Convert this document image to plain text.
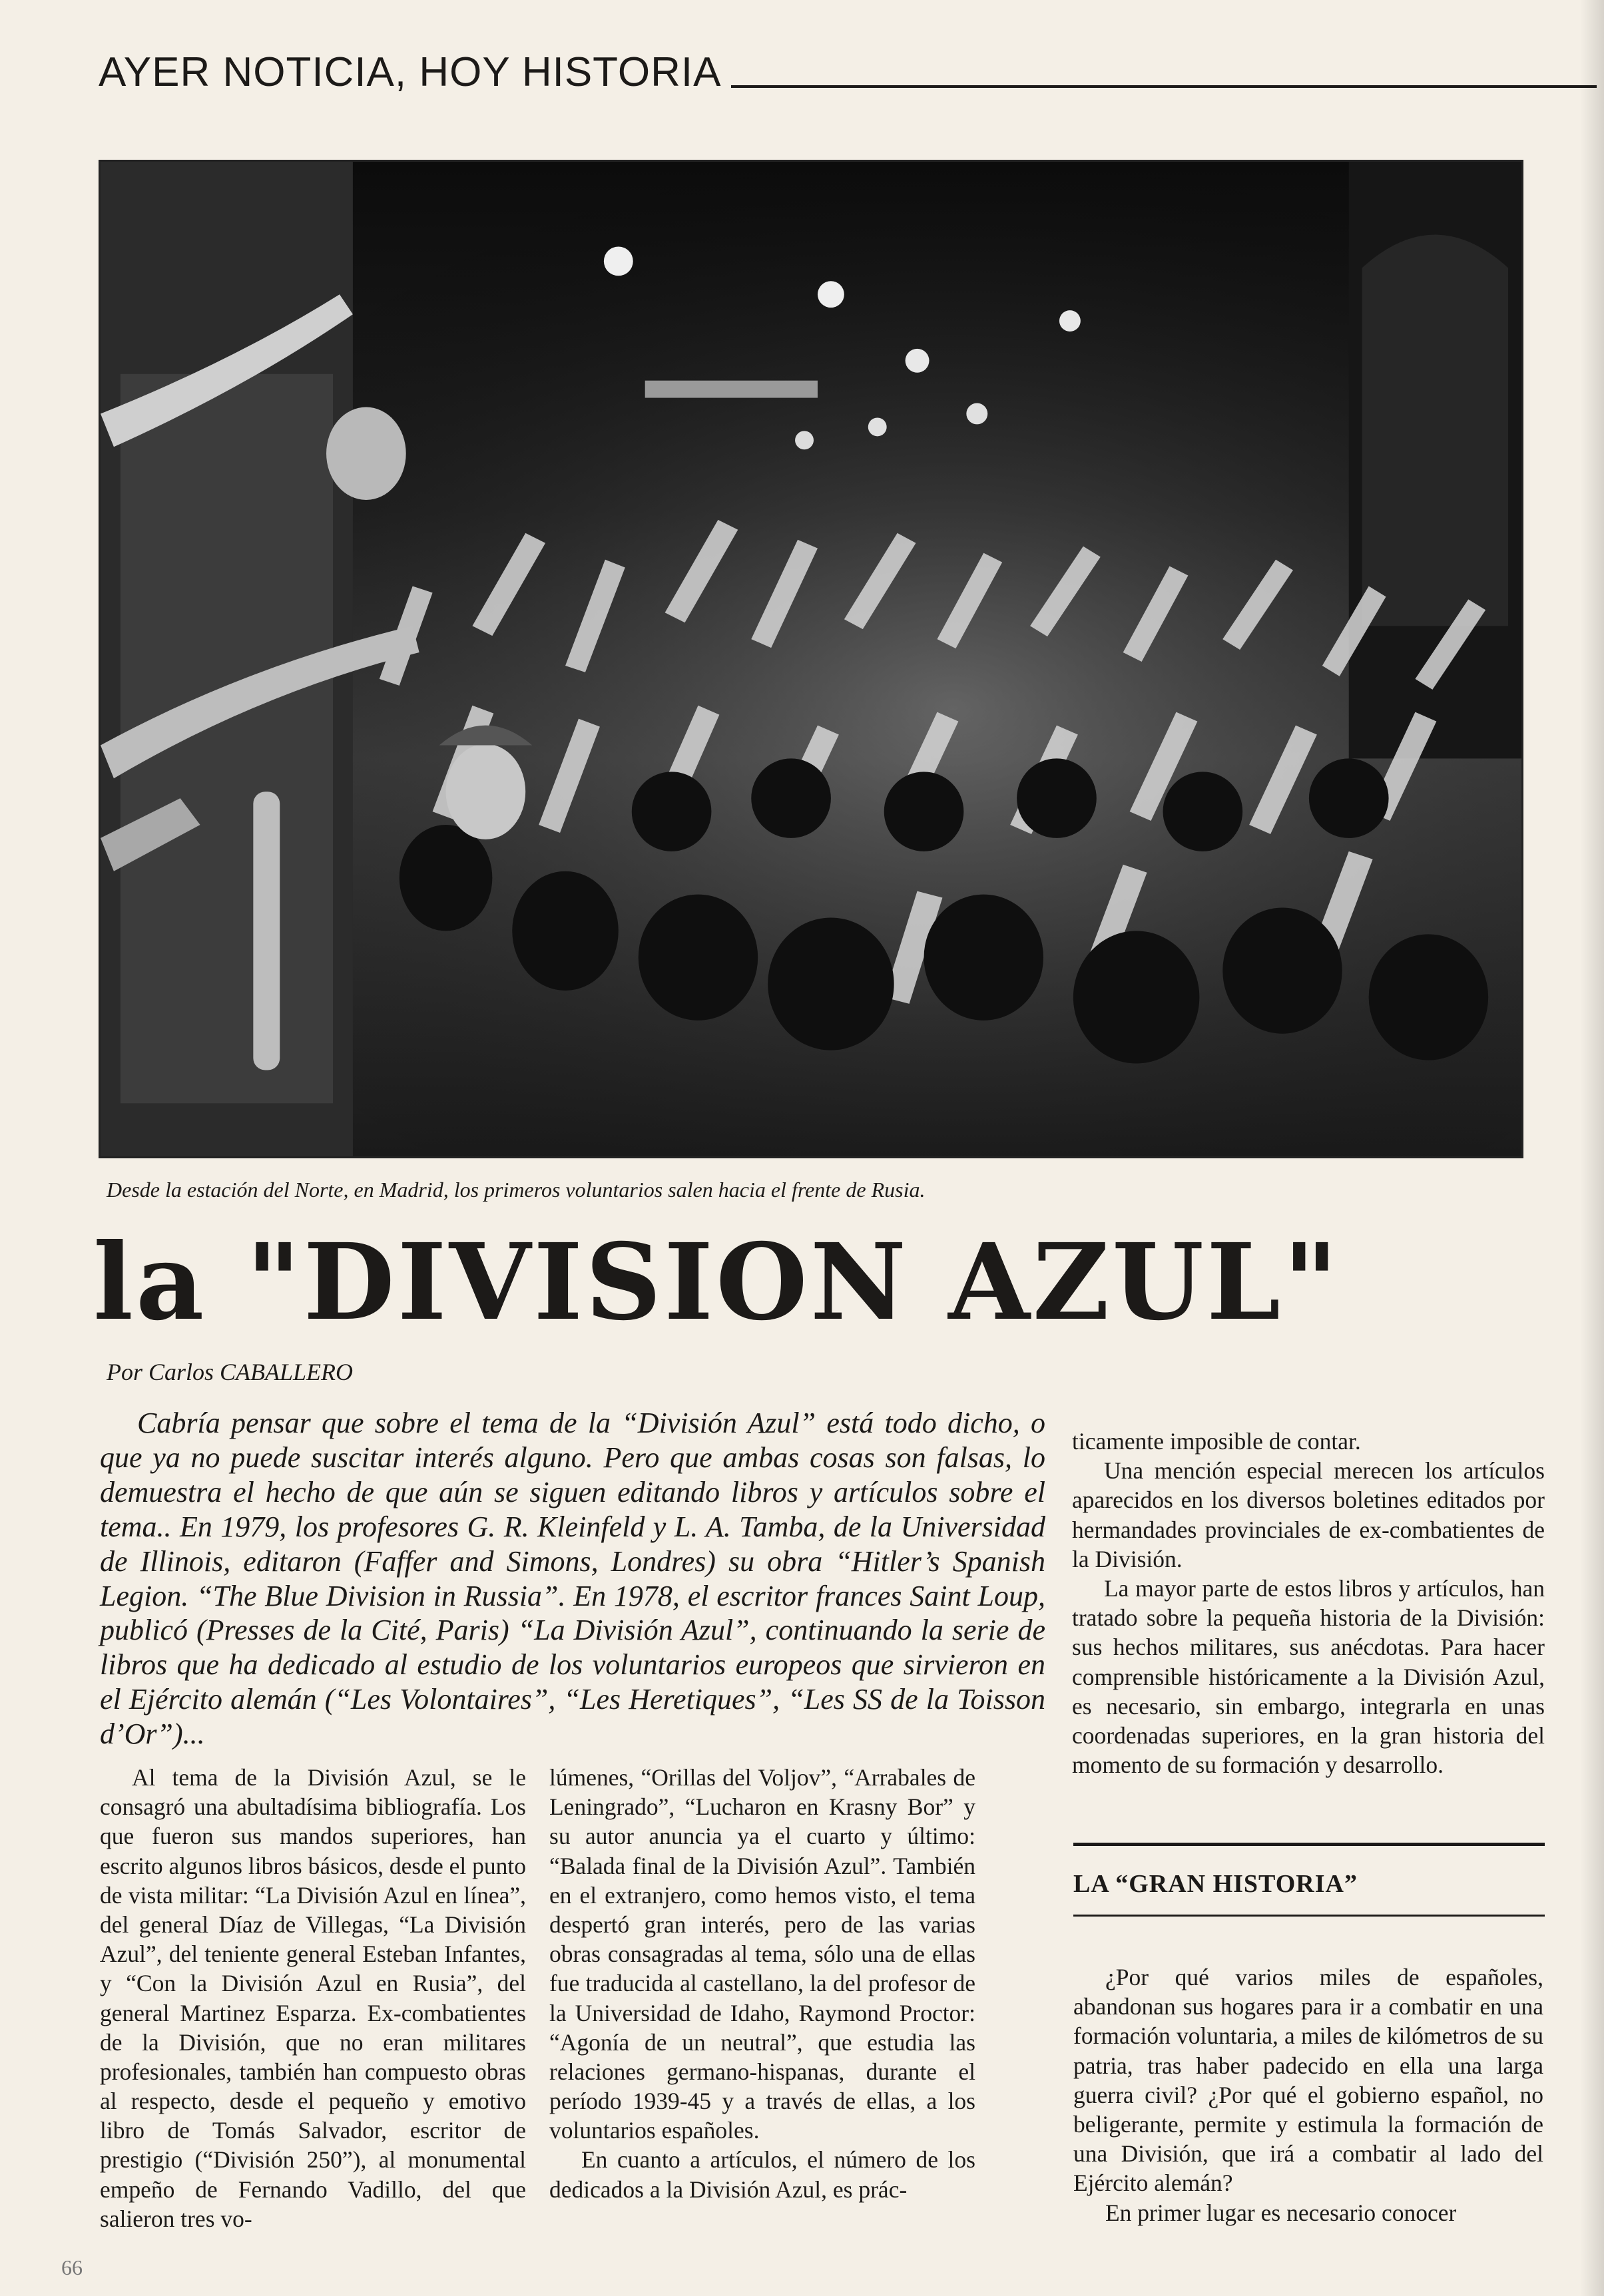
AYER NOTICIA, HOY HISTORIA
Desde la estación del Norte, en Madrid, los primeros voluntarios salen hacia el frente de Rusia.
la "DIVISION AZUL"
Por Carlos CABALLERO
Cabría pensar que sobre el tema de la “División Azul” está todo dicho, o que ya no puede suscitar interés alguno. Pero que ambas cosas son falsas, lo demuestra el hecho de que aún se siguen editando libros y artículos sobre el tema.. En 1979, los profesores G. R. Kleinfeld y L. A. Tamba, de la Universidad de Illinois, editaron (Faffer and Simons, Londres) su obra “Hitler’s Spanish Legion. “The Blue Division in Russia”. En 1978, el escritor frances Saint Loup, publicó (Presses de la Cité, Paris) “La División Azul”, continuando la serie de libros que ha dedicado al estudio de los voluntarios europeos que sirvieron en el Ejército alemán (“Les Volontaires”, “Les Heretiques”, “Les SS de la Toisson d’Or”)...

Al tema de la División Azul, se le consagró una abultadísima bibliografía. Los que fueron sus mandos superiores, han escrito algunos libros básicos, desde el punto de vista militar: “La División Azul en línea”, del general Díaz de Villegas, “La División Azul”, del teniente general Esteban Infantes, y “Con la División Azul en Rusia”, del general Martinez Esparza. Ex-combatientes de la División, que no eran militares profesionales, también han compuesto obras al respecto, desde el pequeño y emotivo libro de Tomás Salvador, escritor de prestigio (“División 250”), al monumental empeño de Fernando Vadillo, del que salieron tres vo-

lúmenes, “Orillas del Voljov”, “Arrabales de Leningrado”, “Lucharon en Krasny Bor” y su autor anuncia ya el cuarto y último: “Balada final de la División Azul”. También en el extranjero, como hemos visto, el tema despertó gran interés, pero de las varias obras consagradas al tema, sólo una de ellas fue traducida al castellano, la del profesor de la Universidad de Idaho, Raymond Proctor: “Agonía de un neutral”, que estudia las relaciones germano-hispanas, durante el período 1939-45 y a través de ellas, a los voluntarios españoles.

En cuanto a artículos, el número de los dedicados a la División Azul, es prác-

ticamente imposible de contar.

Una mención especial merecen los artículos aparecidos en los diversos boletines editados por hermandades provinciales de ex-combatientes de la División.

La mayor parte de estos libros y artículos, han tratado sobre la pequeña historia de la División: sus hechos militares, sus anécdotas. Para hacer comprensible históricamente a la División Azul, es necesario, sin embargo, integrarla en unas coordenadas superiores, en la gran historia del momento de su formación y desarrollo.

LA “GRAN HISTORIA”

¿Por qué varios miles de españoles, abandonan sus hogares para ir a combatir en una formación voluntaria, a miles de kilómetros de su patria, tras haber padecido en ella una larga guerra civil? ¿Por qué el gobierno español, no beligerante, permite y estimula la formación de una División, que irá a combatir al lado del Ejército alemán?

En primer lugar es necesario conocer

66
